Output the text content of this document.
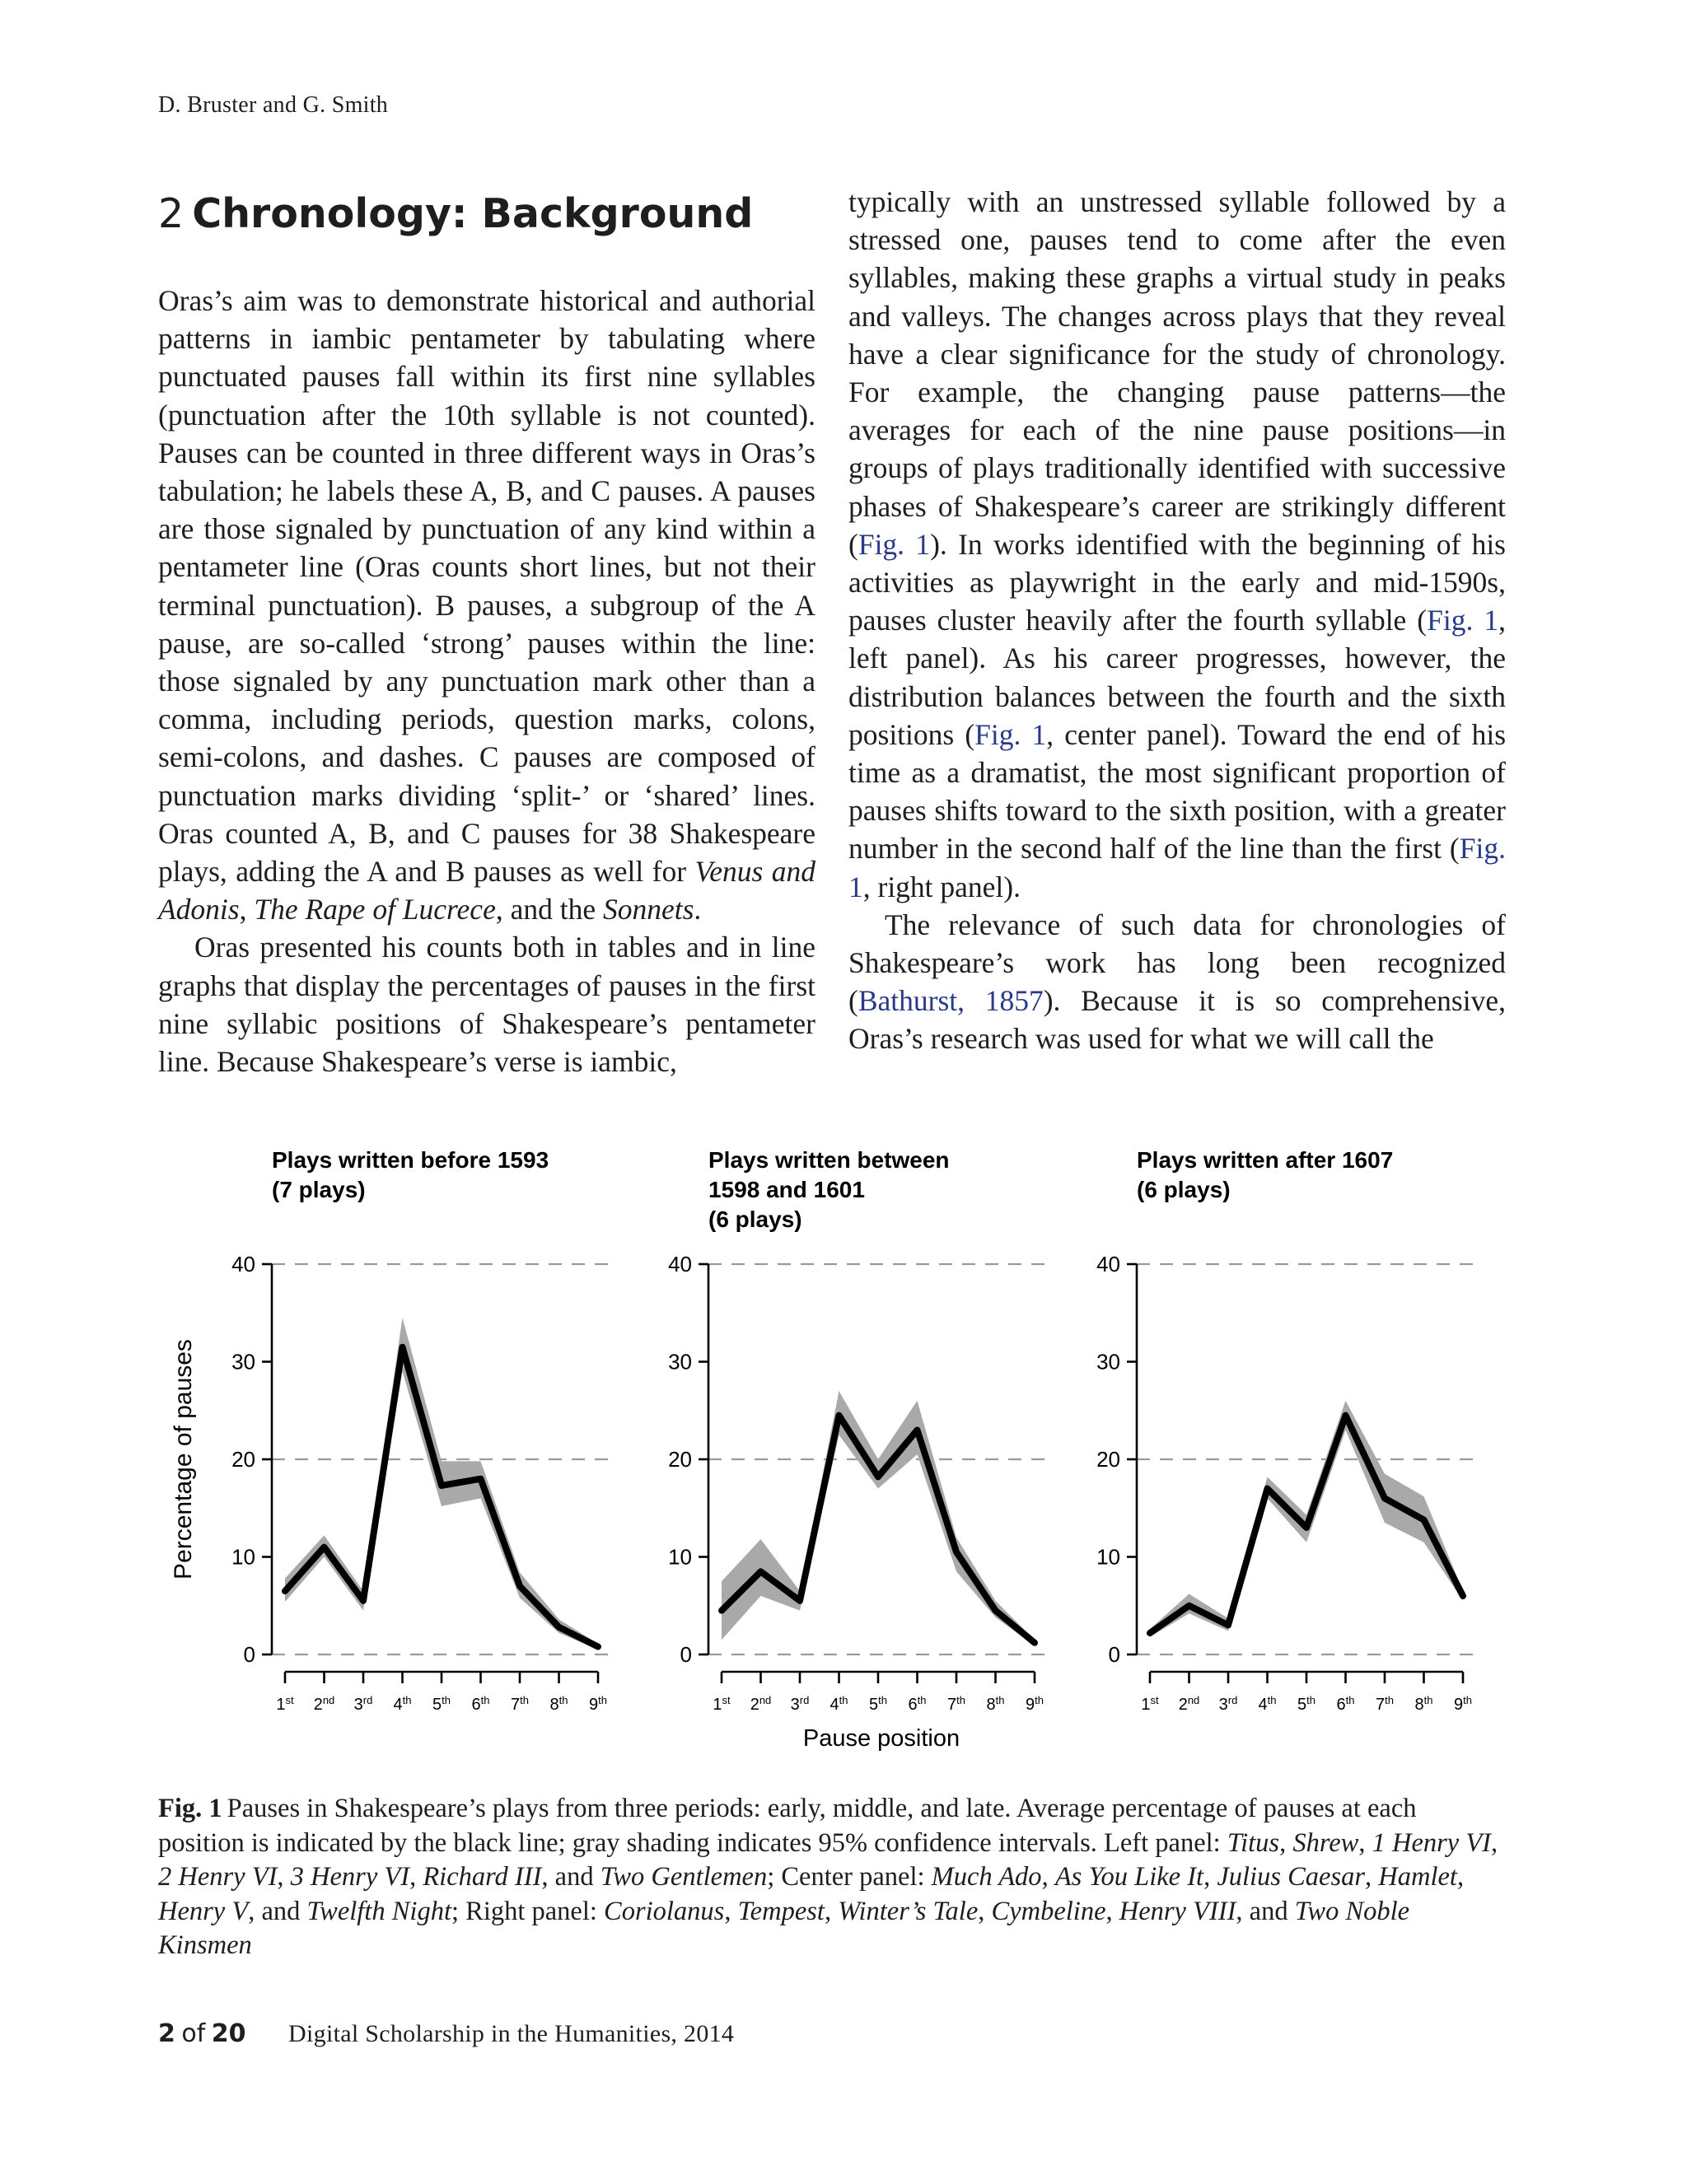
D. Bruster and G. Smith
2 Chronology: Background

Oras’s aim was to demonstrate historical and authorial patterns in iambic pentameter by tabulating where punctuated pauses fall within its first nine syllables (punctuation after the 10th syllable is not counted). Pauses can be counted in three different ways in Oras’s tabulation; he labels these A, B, and C pauses. A pauses are those signaled by punctuation of any kind within a pentameter line (Oras counts short lines, but not their terminal punctuation). B pauses, a subgroup of the A pause, are so-called ‘strong’ pauses within the line: those signaled by any punctuation mark other than a comma, including periods, question marks, colons, semi-colons, and dashes. C pauses are composed of punctuation marks dividing ‘split-’ or ‘shared’ lines. Oras counted A, B, and C pauses for 38 Shakespeare plays, adding the A and B pauses as well for Venus and Adonis, The Rape of Lucrece, and the Sonnets.

Oras presented his counts both in tables and in line graphs that display the percentages of pauses in the first nine syllabic positions of Shakespeare’s pentameter line. Because Shakespeare’s verse is iambic,

typically with an unstressed syllable followed by a stressed one, pauses tend to come after the even syllables, making these graphs a virtual study in peaks and valleys. The changes across plays that they reveal have a clear significance for the study of chronology. For example, the changing pause patterns—the averages for each of the nine pause positions—in groups of plays traditionally identified with successive phases of Shakespeare’s career are strikingly different (Fig. 1). In works identified with the beginning of his activities as playwright in the early and mid-1590s, pauses cluster heavily after the fourth syllable (Fig. 1, left panel). As his career progresses, however, the distribution balances between the fourth and the sixth positions (Fig. 1, center panel). Toward the end of his time as a dramatist, the most significant proportion of pauses shifts toward to the sixth position, with a greater number in the second half of the line than the first (Fig. 1, right panel).

The relevance of such data for chronologies of Shakespeare’s work has long been recognized (Bathurst, 1857). Because it is so comprehensive, Oras’s research was used for what we will call the

Plays written before 1593
(7 plays)
0
10
20
30
40
1st 2nd 3rd 4th 5th 6th 7th 8th 9th
Plays written between
1598 and 1601
(6 plays)
0
10
20
30
40
1st 2nd 3rd 4th 5th 6th 7th 8th 9th
Plays written after 1607
(6 plays)
0
10
20
30
40
1st 2nd 3rd 4th 5th 6th 7th 8th 9th
Percentage of pauses
Pause position
Fig. 1 Pauses in Shakespeare’s plays from three periods: early, middle, and late. Average percentage of pauses at each position is indicated by the black line; gray shading indicates 95% confidence intervals. Left panel: Titus, Shrew, 1 Henry VI, 2 Henry VI, 3 Henry VI, Richard III, and Two Gentlemen; Center panel: Much Ado, As You Like It, Julius Caesar, Hamlet, Henry V, and Twelfth Night; Right panel: Coriolanus, Tempest, Winter’s Tale, Cymbeline, Henry VIII, and Two Noble Kinsmen
2 of 20 Digital Scholarship in the Humanities, 2014
